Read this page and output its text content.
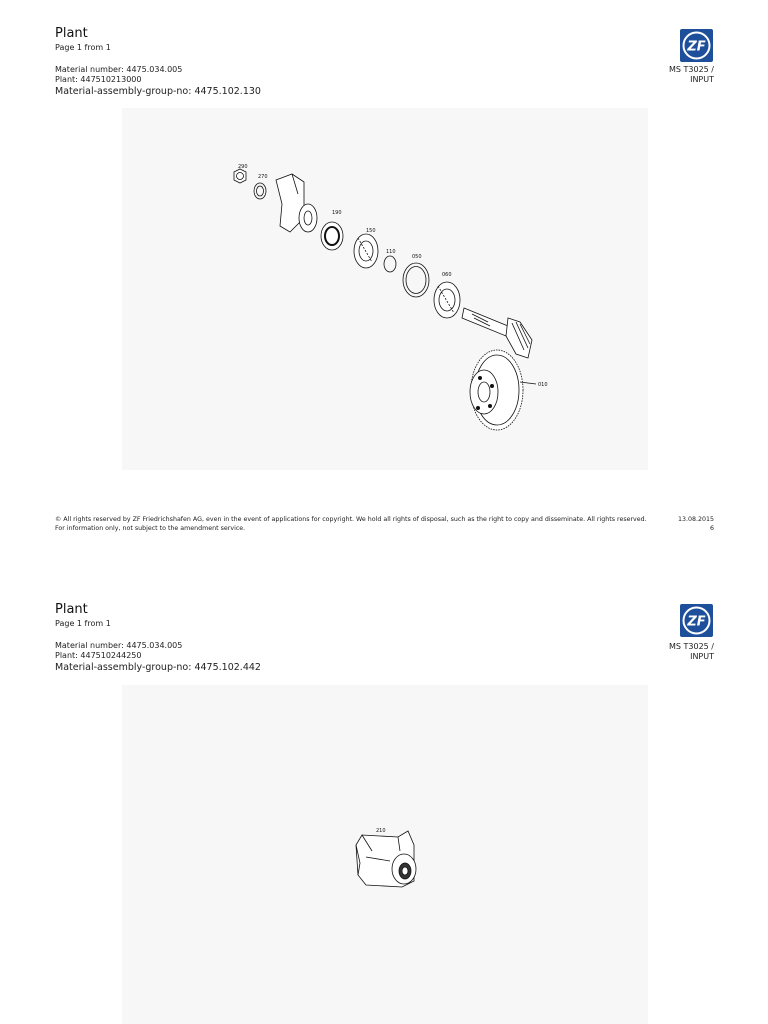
Plant
Page 1 from 1
Material number: 4475.034.005
Plant: 447510213000
Material-assembly-group-no: 4475.102.130
ZF
MS T3025 /
INPUT
290
270
190
150
110
050
060
010
© All rights reserved by ZF Friedrichshafen AG, even in the event of applications for copyright. We hold all rights of disposal, such as the right to copy and disseminate. All rights reserved.
For information only, not subject to the amendment service.
13.08.2015
6
Plant
Page 1 from 1
Material number: 4475.034.005
Plant: 447510244250
Material-assembly-group-no: 4475.102.442
ZF
MS T3025 /
INPUT
210
